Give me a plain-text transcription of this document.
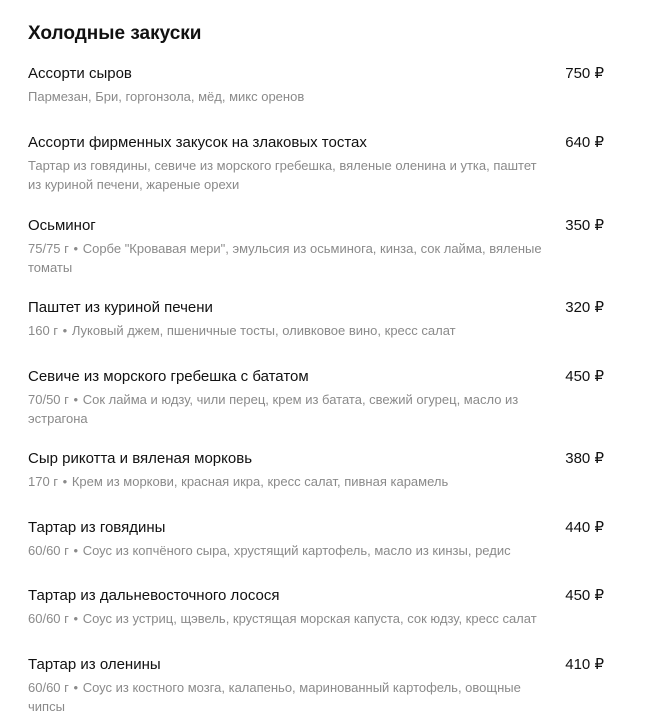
Холодные закуски
Ассорти сыров	750 ₽
Пармезан, Бри, горгонзола, мёд, микс оренов
Ассорти фирменных закусок на злаковых тостах	640 ₽
Тартар из говядины, севиче из морского гребешка, вяленые оленина и утка, паштет из куриной печени, жареные орехи
Осьминог	350 ₽
75/75 г • Сорбе "Кровавая мери", эмульсия из осьминога, кинза, сок лайма, вяленые томаты
Паштет из куриной печени	320 ₽
160 г • Луковый джем, пшеничные тосты, оливковое вино, кресс салат
Севиче из морского гребешка с бататом	450 ₽
70/50 г • Сок лайма и юдзу, чили перец, крем из батата, свежий огурец, масло из эстрагона
Сыр рикотта и вяленая морковь	380 ₽
170 г • Крем из моркови, красная икра, кресс салат, пивная карамель
Тартар из говядины	440 ₽
60/60 г • Соус из копчёного сыра, хрустящий картофель, масло из кинзы, редис
Тартар из дальневосточного лосося	450 ₽
60/60 г • Соус из устриц, щэвель, крустящая морская капуста, сок юдзу, кресс салат
Тартар из оленины	410 ₽
60/60 г • Соус из костного мозга, калапеньо, маринованный картофель, овощные чипсы
